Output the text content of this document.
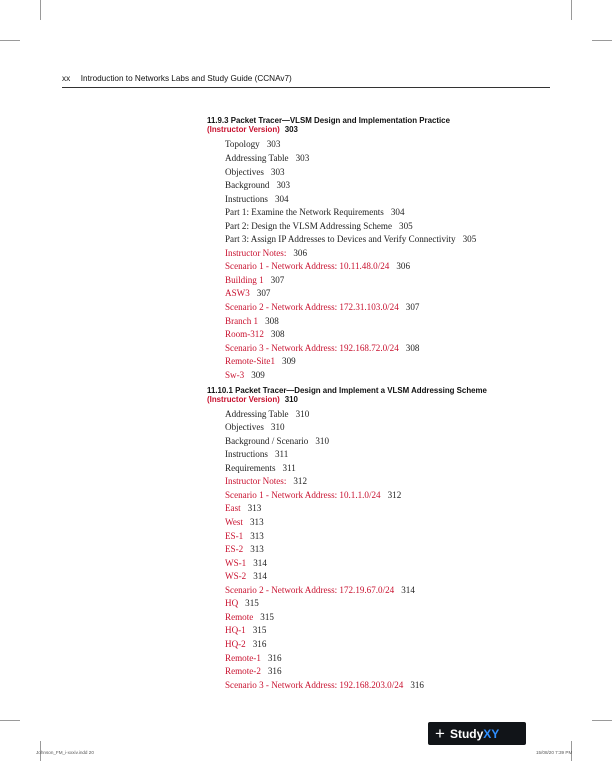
xx Introduction to Networks Labs and Study Guide (CCNAv7)
11.9.3 Packet Tracer—VLSM Design and Implementation Practice
(Instructor Version) 303
Topology 303
Addressing Table 303
Objectives 303
Background 303
Instructions 304
Part 1: Examine the Network Requirements 304
Part 2: Design the VLSM Addressing Scheme 305
Part 3: Assign IP Addresses to Devices and Verify Connectivity 305
Instructor Notes: 306
Scenario 1 - Network Address: 10.11.48.0/24 306
Building 1 307
ASW3 307
Scenario 2 - Network Address: 172.31.103.0/24 307
Branch 1 308
Room-312 308
Scenario 3 - Network Address: 192.168.72.0/24 308
Remote-Site1 309
Sw-3 309
11.10.1 Packet Tracer—Design and Implement a VLSM Addressing Scheme
(Instructor Version) 310
Addressing Table 310
Objectives 310
Background / Scenario 310
Instructions 311
Requirements 311
Instructor Notes: 312
Scenario 1 - Network Address: 10.1.1.0/24 312
East 313
West 313
ES-1 313
ES-2 313
WS-1 314
WS-2 314
Scenario 2 - Network Address: 172.19.67.0/24 314
HQ 315
Remote 315
HQ-1 315
HQ-2 316
Remote-1 316
Remote-2 316
Scenario 3 - Network Address: 192.168.203.0/24 316
+ Study XY
Johnson_FM_i-xxxiv.indd 20	15/08/20 7:39 PM
